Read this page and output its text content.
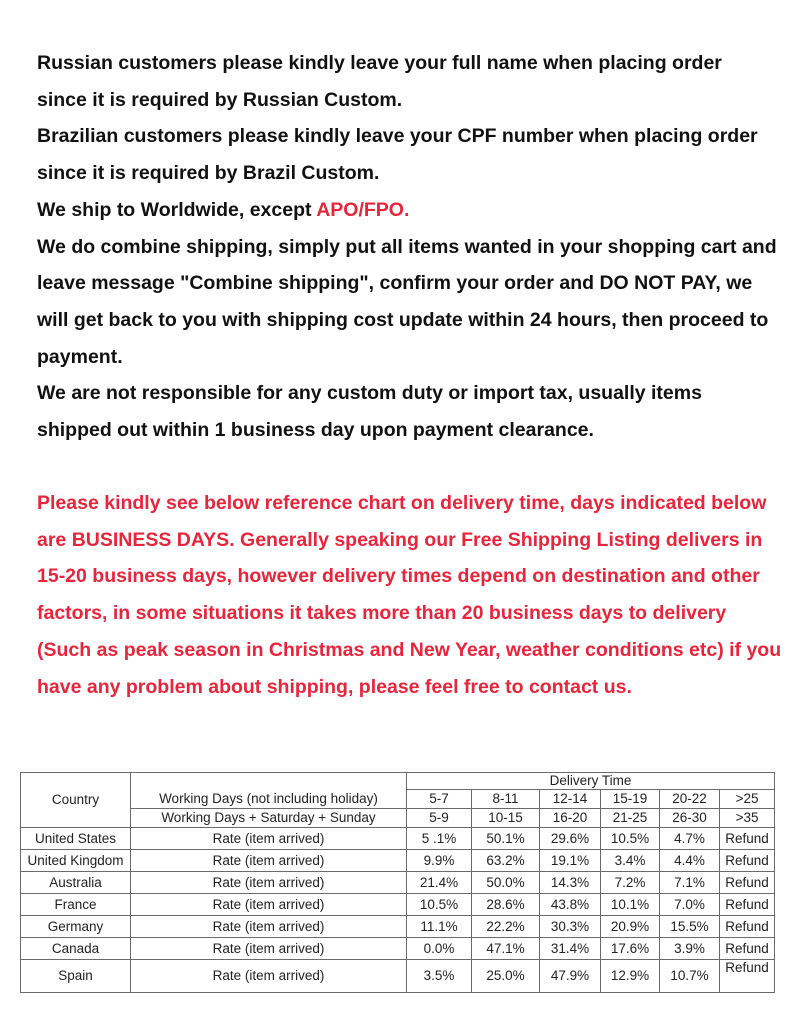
Russian customers please kindly leave your full name when placing order since it is required by Russian Custom.

Brazilian customers please kindly leave your CPF number when placing order since it is required by Brazil Custom.

We ship to Worldwide, except APO/FPO.

We do combine shipping, simply put all items wanted in your shopping cart and leave message "Combine shipping", confirm your order and DO NOT PAY, we will get back to you with shipping cost update within 24 hours, then proceed to payment.

We are not responsible for any custom duty or import tax, usually items shipped out within 1 business day upon payment clearance.

Please kindly see below reference chart on delivery time, days indicated below are BUSINESS DAYS. Generally speaking our Free Shipping Listing delivers in 15-20 business days, however delivery times depend on destination and other factors, in some situations it takes more than 20 business days to delivery (Such as peak season in Christmas and New Year, weather conditions etc) if you have any problem about shipping, please feel free to contact us.

Country		Delivery Time					
	Working Days (not including holiday)	5-7	8-11	12-14	15-19	20-22	>25
	Working Days + Saturday + Sunday	5-9	10-15	16-20	21-25	26-30	>35
United States	Rate (item arrived)	5 .1%	50.1%	29.6%	10.5%	4.7%	Refund
United Kingdom	Rate (item arrived)	9.9%	63.2%	19.1%	3.4%	4.4%	Refund
Australia	Rate (item arrived)	21.4%	50.0%	14.3%	7.2%	7.1%	Refund
France	Rate (item arrived)	10.5%	28.6%	43.8%	10.1%	7.0%	Refund
Germany	Rate (item arrived)	11.1%	22.2%	30.3%	20.9%	15.5%	Refund
Canada	Rate (item arrived)	0.0%	47.1%	31.4%	17.6%	3.9%	Refund
Spain	Rate (item arrived)	3.5%	25.0%	47.9%	12.9%	10.7%	Refund
